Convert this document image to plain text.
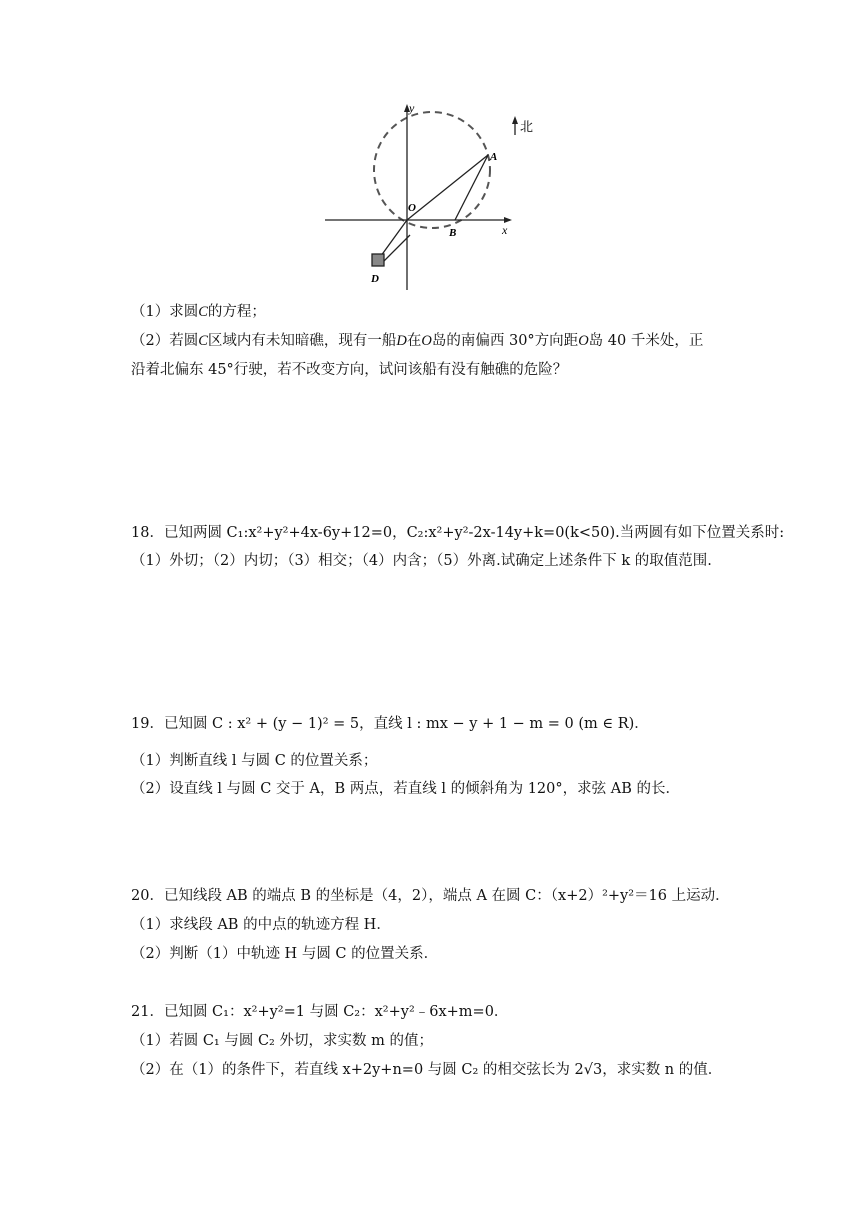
北
y
x
O
A
B
D
（1）求圆C的方程；
（2）若圆C区域内有未知暗礁，现有一船D在O岛的南偏西 30°方向距O岛 40 千米处，正
沿着北偏东 45°行驶，若不改变方向，试问该船有没有触礁的危险？
18．已知两圆 C₁:x²+y²+4x-6y+12=0，C₂:x²+y²-2x-14y+k=0(k<50).当两圆有如下位置关系时:
（1）外切；（2）内切；（3）相交；（4）内含；（5）外离.试确定上述条件下 k 的取值范围.
19．已知圆 C : x² + (y − 1)² = 5，直线 l : mx − y + 1 − m = 0 (m ∈ R)．
（1）判断直线 l 与圆 C 的位置关系；
（2）设直线 l 与圆 C 交于 A，B 两点，若直线 l 的倾斜角为 120°，求弦 AB 的长．
20．已知线段 AB 的端点 B 的坐标是（4，2），端点 A 在圆 C：（x+2）²+y²＝16 上运动．
（1）求线段 AB 的中点的轨迹方程 H．
（2）判断（1）中轨迹 H 与圆 C 的位置关系．
21．已知圆 C₁：x²+y²=1 与圆 C₂：x²+y²﹣6x+m=0．
（1）若圆 C₁ 与圆 C₂ 外切，求实数 m 的值；
（2）在（1）的条件下，若直线 x+2y+n=0 与圆 C₂ 的相交弦长为 2√3，求实数 n 的值．
